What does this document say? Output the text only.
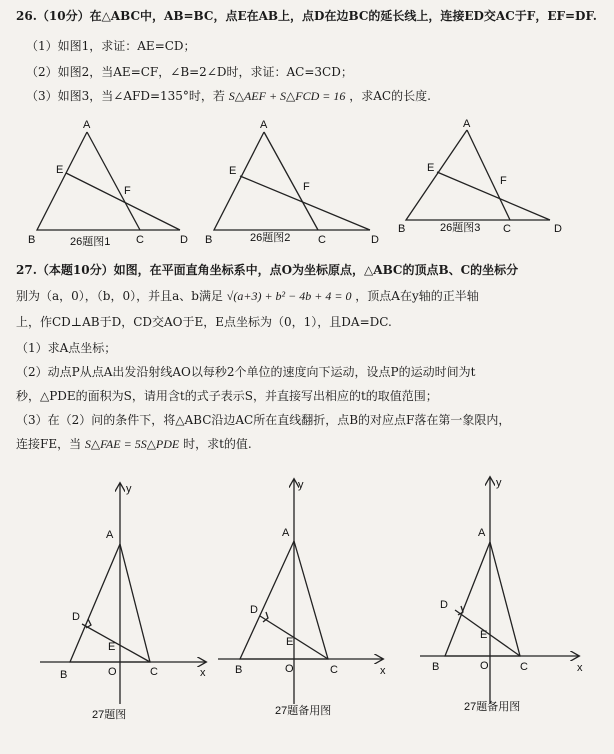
26.（10分）在△ABC中，AB=BC，点E在AB上，点D在边BC的延长线上，连接ED交AC于F，EF=DF.
（1）如图1，求证：AE=CD；
（2）如图2，当AE=CF，∠B=2∠D时，求证：AC=3CD；
（3）如图3，当∠AFD=135°时，若 S△AEF + S△FCD = 16 ，求AC的长度.
A
E
F
B	C	D
A
E
F
B	C	D
A
E
F
B	C	D
26题图1	26题图2
26题图3
27.（本题10分）如图，在平面直角坐标系中，点O为坐标原点，△ABC的顶点B、C的坐标分
别为（a，0），（b，0），并且a、b满足 √(a+3) + b² − 4b + 4 = 0 ，顶点A在y轴的正半轴
上，作CD⊥AB于D，CD交AO于E，E点坐标为（0，1），且DA=DC.
（1）求A点坐标；
（2）动点P从点A出发沿射线AO以每秒2个单位的速度向下运动，设点P的运动时间为t
秒，△PDE的面积为S，请用含t的式子表示S，并直接写出相应的t的取值范围；
（3）在（2）问的条件下，将△ABC沿边AC所在直线翻折，点B的对应点F落在第一象限内，
连接FE，当 S△FAE = 5S△PDE 时，求t的值.
y
A
D
E
O
B	C	x
y
A
D
E
O
B	C	x
y
A
D
E
O
B	C	x
27题图	27题备用图	27题备用图
